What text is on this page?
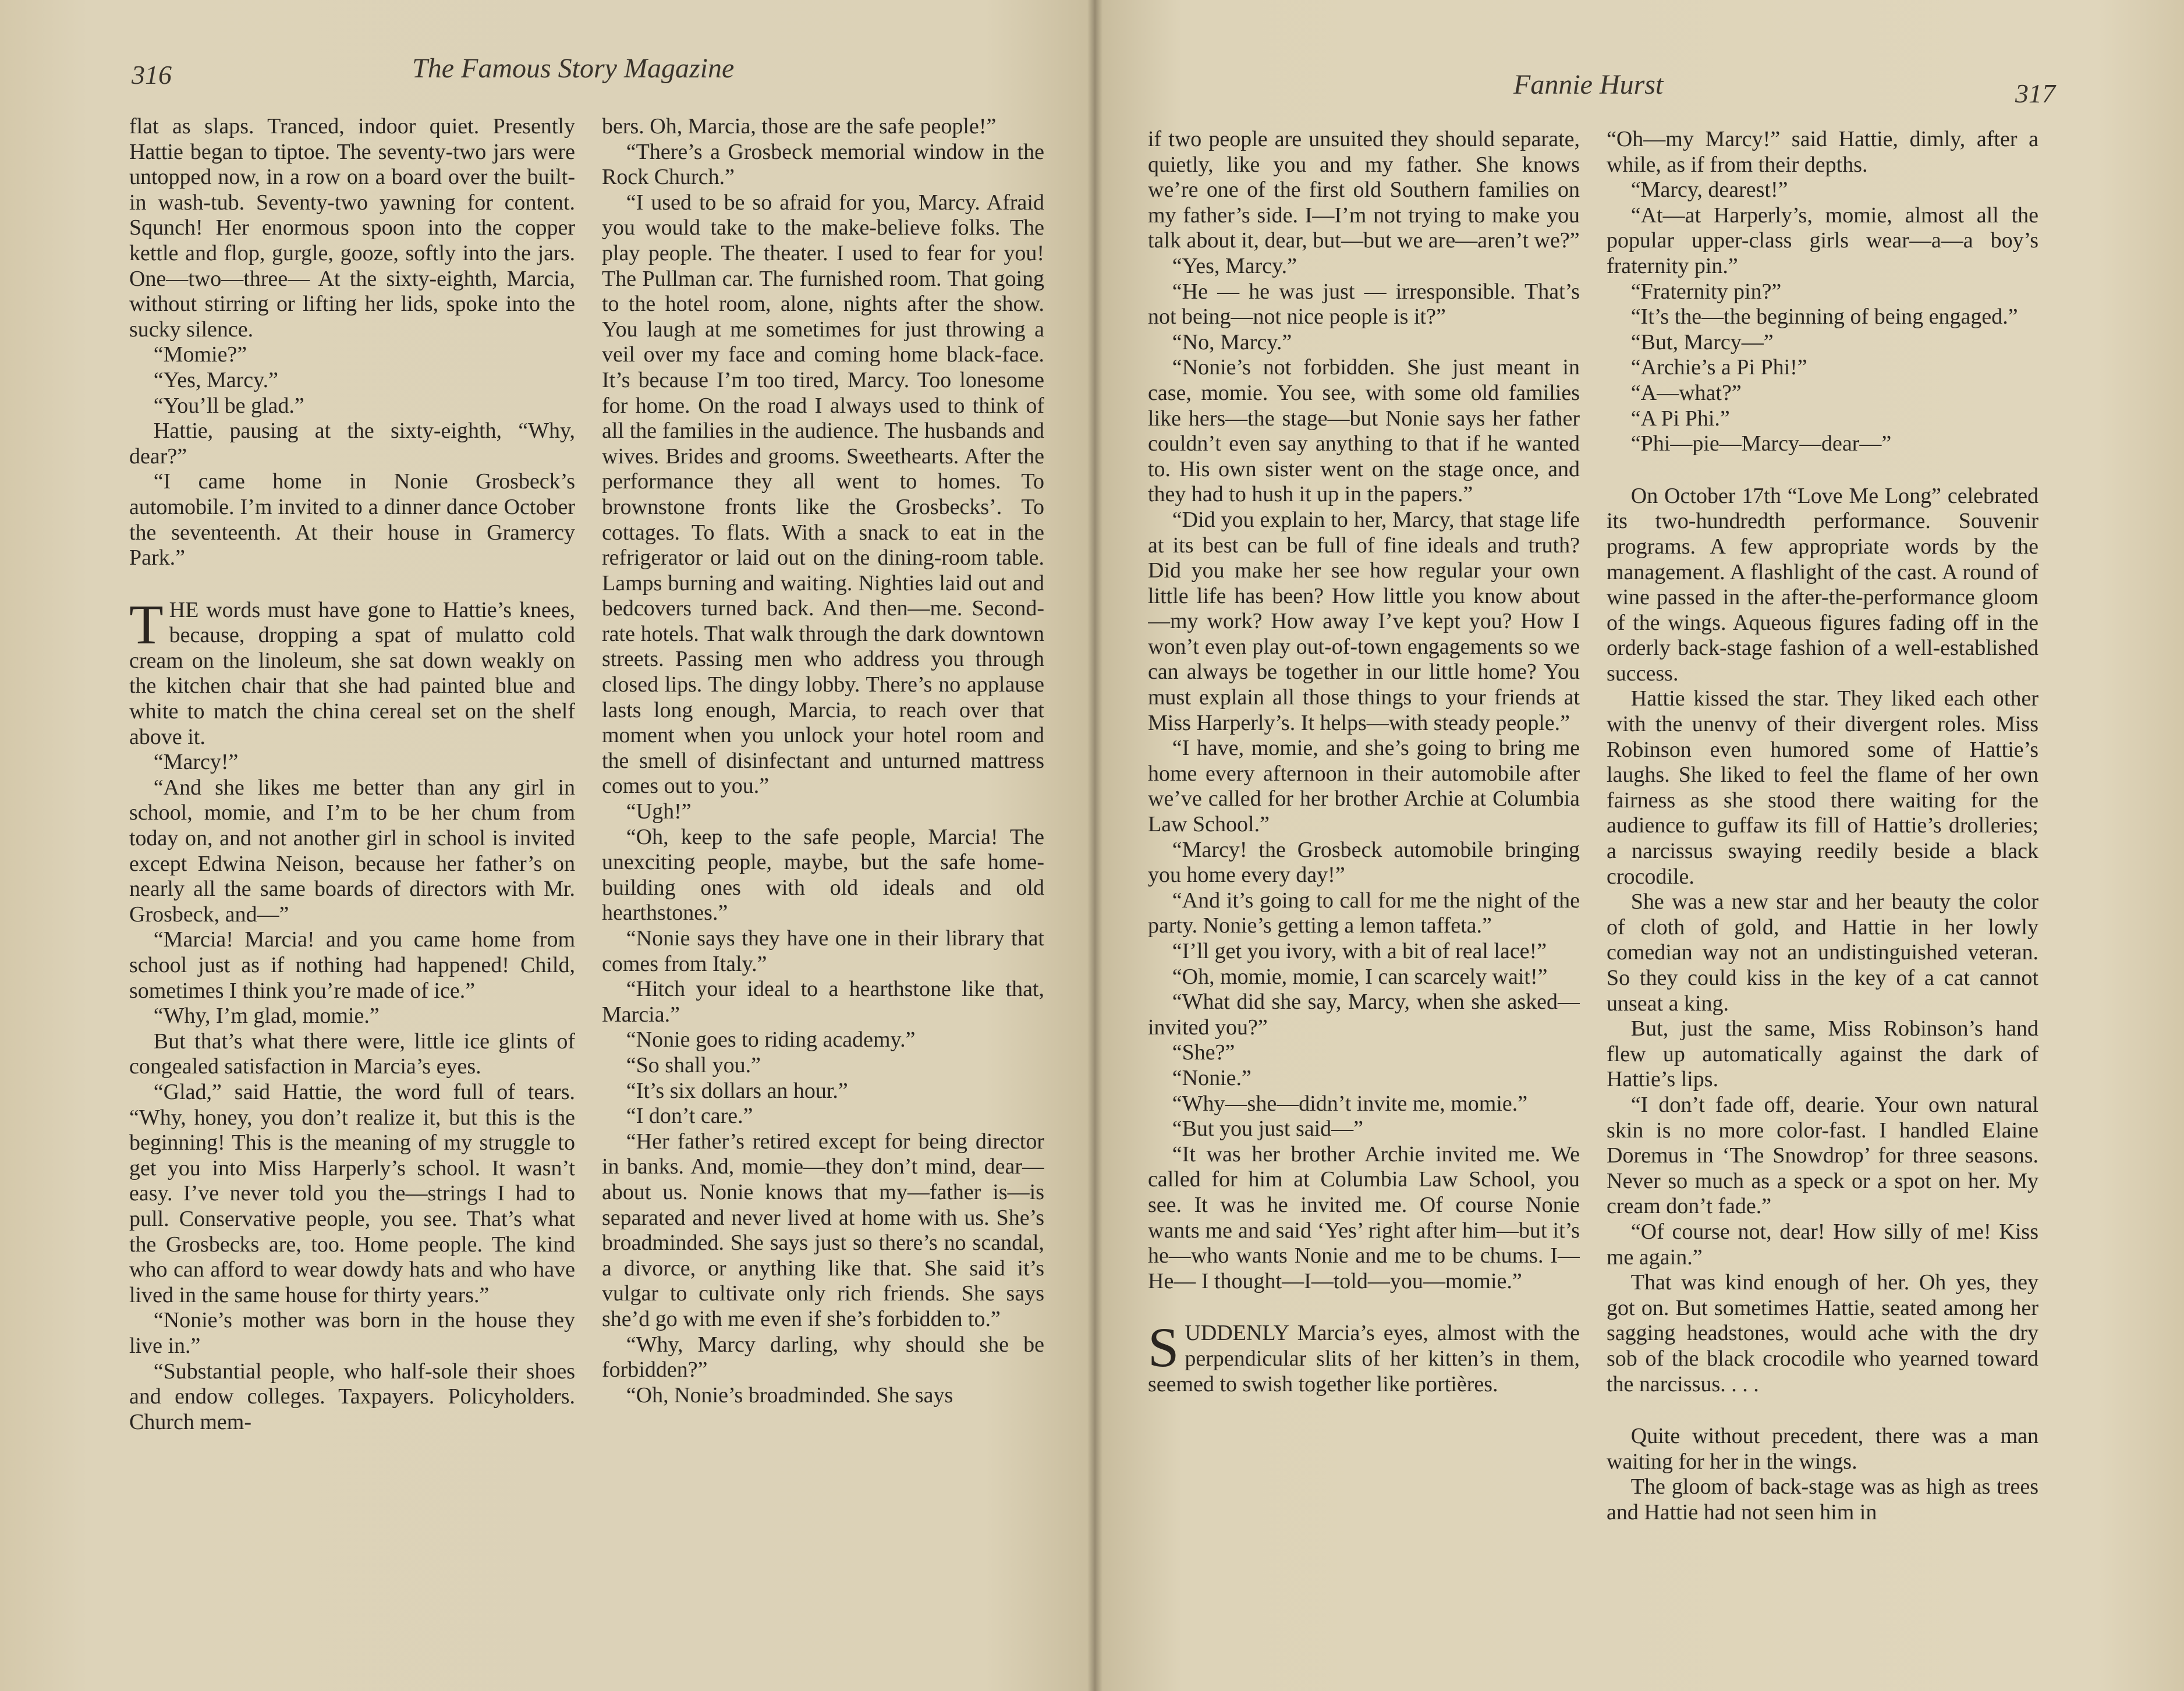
316	The Famous Story Magazine

flat as slaps. Tranced, indoor quiet. Presently Hattie began to tiptoe. The seventy-two jars were untopped now, in a row on a board over the built-in wash-tub. Seventy-two yawning for content. Squnch! Her enormous spoon into the copper kettle and flop, gurgle, gooze, softly into the jars. One—two—three— At the sixty-eighth, Marcia, without stirring or lifting her lids, spoke into the sucky silence.

“Momie?”

“Yes, Marcy.”

“You’ll be glad.”

Hattie, pausing at the sixty-eighth, “Why, dear?”

“I came home in Nonie Grosbeck’s automobile. I’m invited to a dinner dance October the seventeenth. At their house in Gramercy Park.”

THE words must have gone to Hattie’s knees, because, dropping a spat of mulatto cold cream on the linoleum, she sat down weakly on the kitchen chair that she had painted blue and white to match the china cereal set on the shelf above it.

“Marcy!”

“And she likes me better than any girl in school, momie, and I’m to be her chum from today on, and not another girl in school is invited except Edwina Neison, because her father’s on nearly all the same boards of directors with Mr. Grosbeck, and—”

“Marcia! Marcia! and you came home from school just as if nothing had happened! Child, sometimes I think you’re made of ice.”

“Why, I’m glad, momie.”

But that’s what there were, little ice glints of congealed satisfaction in Marcia’s eyes.

“Glad,” said Hattie, the word full of tears. “Why, honey, you don’t realize it, but this is the beginning! This is the meaning of my struggle to get you into Miss Harperly’s school. It wasn’t easy. I’ve never told you the—strings I had to pull. Conservative people, you see. That’s what the Grosbecks are, too. Home people. The kind who can afford to wear dowdy hats and who have lived in the same house for thirty years.”

“Nonie’s mother was born in the house they live in.”

“Substantial people, who half-sole their shoes and endow colleges. Taxpayers. Policyholders. Church mem-

bers. Oh, Marcia, those are the safe people!”

“There’s a Grosbeck memorial window in the Rock Church.”

“I used to be so afraid for you, Marcy. Afraid you would take to the make-believe folks. The play people. The theater. I used to fear for you! The Pullman car. The furnished room. That going to the hotel room, alone, nights after the show. You laugh at me sometimes for just throwing a veil over my face and coming home black-face. It’s because I’m too tired, Marcy. Too lonesome for home. On the road I always used to think of all the families in the audience. The husbands and wives. Brides and grooms. Sweethearts. After the performance they all went to homes. To brownstone fronts like the Grosbecks’. To cottages. To flats. With a snack to eat in the refrigerator or laid out on the dining-room table. Lamps burning and waiting. Nighties laid out and bedcovers turned back. And then—me. Second-rate hotels. That walk through the dark downtown streets. Passing men who address you through closed lips. The dingy lobby. There’s no applause lasts long enough, Marcia, to reach over that moment when you unlock your hotel room and the smell of disinfectant and unturned mattress comes out to you.”

“Ugh!”

“Oh, keep to the safe people, Marcia! The unexciting people, maybe, but the safe home-building ones with old ideals and old hearthstones.”

“Nonie says they have one in their library that comes from Italy.”

“Hitch your ideal to a hearthstone like that, Marcia.”

“Nonie goes to riding academy.”

“So shall you.”

“It’s six dollars an hour.”

“I don’t care.”

“Her father’s retired except for being director in banks. And, momie—they don’t mind, dear—about us. Nonie knows that my—father is—is separated and never lived at home with us. She’s broadminded. She says just so there’s no scandal, a divorce, or anything like that. She said it’s vulgar to cultivate only rich friends. She says she’d go with me even if she’s forbidden to.”

“Why, Marcy darling, why should she be forbidden?”

“Oh, Nonie’s broadminded. She says

Fannie Hurst	317

if two people are unsuited they should separate, quietly, like you and my father. She knows we’re one of the first old Southern families on my father’s side. I—I’m not trying to make you talk about it, dear, but—but we are—aren’t we?”

“Yes, Marcy.”

“He — he was just — irresponsible. That’s not being—not nice people is it?”

“No, Marcy.”

“Nonie’s not forbidden. She just meant in case, momie. You see, with some old families like hers—the stage—but Nonie says her father couldn’t even say anything to that if he wanted to. His own sister went on the stage once, and they had to hush it up in the papers.”

“Did you explain to her, Marcy, that stage life at its best can be full of fine ideals and truth? Did you make her see how regular your own little life has been? How little you know about—my work? How away I’ve kept you? How I won’t even play out-of-town engagements so we can always be together in our little home? You must explain all those things to your friends at Miss Harperly’s. It helps—with steady people.”

“I have, momie, and she’s going to bring me home every afternoon in their automobile after we’ve called for her brother Archie at Columbia Law School.”

“Marcy! the Grosbeck automobile bringing you home every day!”

“And it’s going to call for me the night of the party. Nonie’s getting a lemon taffeta.”

“I’ll get you ivory, with a bit of real lace!”

“Oh, momie, momie, I can scarcely wait!”

“What did she say, Marcy, when she asked—invited you?”

“She?”

“Nonie.”

“Why—she—didn’t invite me, momie.”

“But you just said—”

“It was her brother Archie invited me. We called for him at Columbia Law School, you see. It was he invited me. Of course Nonie wants me and said ‘Yes’ right after him—but it’s he—who wants Nonie and me to be chums. I— He— I thought—I—told—you—momie.”

SUDDENLY Marcia’s eyes, almost with the perpendicular slits of her kitten’s in them, seemed to swish together like portières.

“Oh—my Marcy!” said Hattie, dimly, after a while, as if from their depths.

“Marcy, dearest!”

“At—at Harperly’s, momie, almost all the popular upper-class girls wear—a—a boy’s fraternity pin.”

“Fraternity pin?”

“It’s the—the beginning of being engaged.”

“But, Marcy—”

“Archie’s a Pi Phi!”

“A—what?”

“A Pi Phi.”

“Phi—pie—Marcy—dear—”

On October 17th “Love Me Long” celebrated its two-hundredth performance. Souvenir programs. A few appropriate words by the management. A flashlight of the cast. A round of wine passed in the after-the-performance gloom of the wings. Aqueous figures fading off in the orderly back-stage fashion of a well-established success.

Hattie kissed the star. They liked each other with the unenvy of their divergent roles. Miss Robinson even humored some of Hattie’s laughs. She liked to feel the flame of her own fairness as she stood there waiting for the audience to guffaw its fill of Hattie’s drolleries; a narcissus swaying reedily beside a black crocodile.

She was a new star and her beauty the color of cloth of gold, and Hattie in her lowly comedian way not an undistinguished veteran. So they could kiss in the key of a cat cannot unseat a king.

But, just the same, Miss Robinson’s hand flew up automatically against the dark of Hattie’s lips.

“I don’t fade off, dearie. Your own natural skin is no more color-fast. I handled Elaine Doremus in ‘The Snowdrop’ for three seasons. Never so much as a speck or a spot on her. My cream don’t fade.”

“Of course not, dear! How silly of me! Kiss me again.”

That was kind enough of her. Oh yes, they got on. But sometimes Hattie, seated among her sagging headstones, would ache with the dry sob of the black crocodile who yearned toward the narcissus. . . .

Quite without precedent, there was a man waiting for her in the wings.

The gloom of back-stage was as high as trees and Hattie had not seen him in
